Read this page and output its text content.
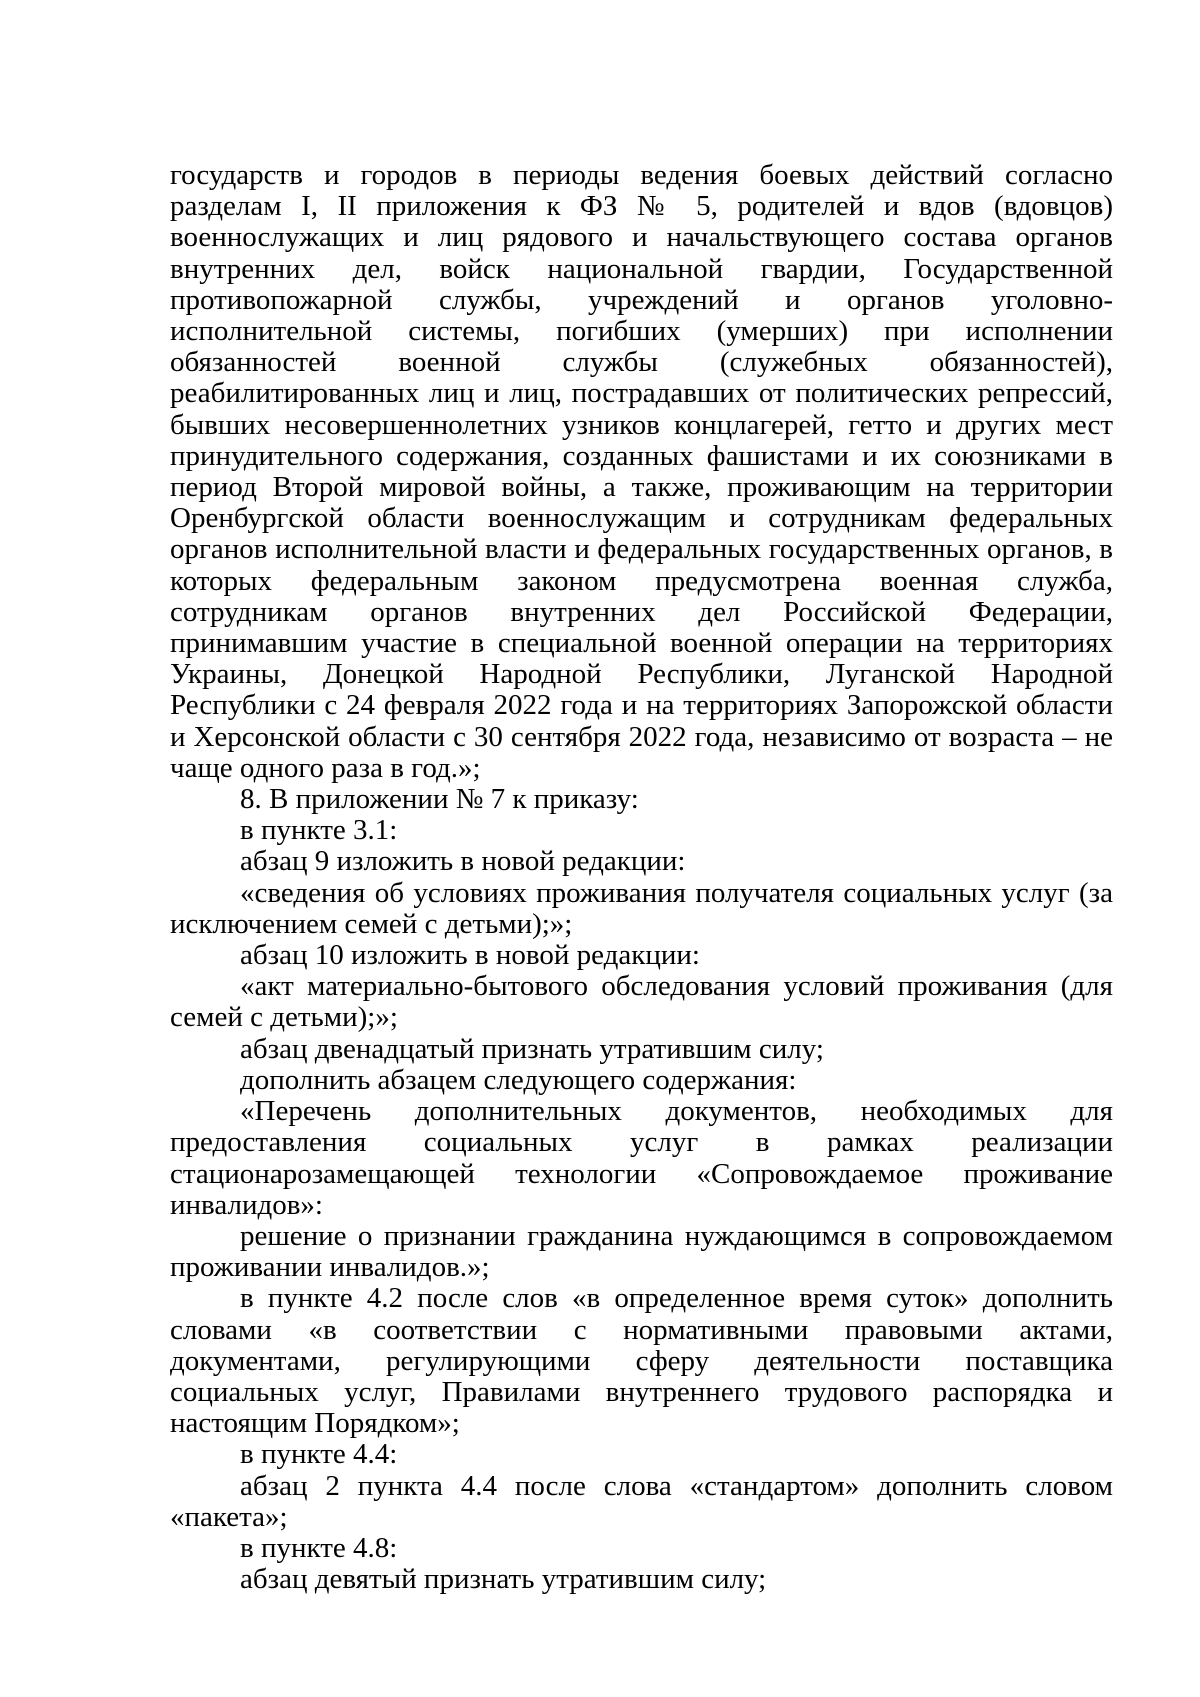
государств и городов в периоды ведения боевых действий согласно разделам I, II приложения к ФЗ № 5, родителей и вдов (вдовцов) военнослужащих и лиц рядового и начальствующего состава органов внутренних дел, войск национальной гвардии, Государственной противопожарной службы, учреждений и органов уголовно-исполнительной системы, погибших (умерших) при исполнении обязанностей военной службы (служебных обязанностей), реабилитированных лиц и лиц, пострадавших от политических репрессий, бывших несовершеннолетних узников концлагерей, гетто и других мест принудительного содержания, созданных фашистами и их союзниками в период Второй мировой войны, а также, проживающим на территории Оренбургской области военнослужащим и сотрудникам федеральных органов исполнительной власти и федеральных государственных органов, в которых федеральным законом предусмотрена военная служба, сотрудникам органов внутренних дел Российской Федерации, принимавшим участие в специальной военной операции на территориях Украины, Донецкой Народной Республики, Луганской Народной Республики с 24 февраля 2022 года и на территориях Запорожской области и Херсонской области с 30 сентября 2022 года, независимо от возраста – не чаще одного раза в год.»;

8. В приложении № 7 к приказу:

в пункте 3.1:

абзац 9 изложить в новой редакции:

«сведения об условиях проживания получателя социальных услуг (за исключением семей с детьми);»;

абзац 10 изложить в новой редакции:

«акт материально-бытового обследования условий проживания (для семей с детьми);»;

абзац двенадцатый признать утратившим силу;

дополнить абзацем следующего содержания:

«Перечень дополнительных документов, необходимых для предоставления социальных услуг в рамках реализации стационарозамещающей технологии «Сопровождаемое проживание инвалидов»:

решение о признании гражданина нуждающимся в сопровождаемом проживании инвалидов.»;

в пункте 4.2 после слов «в определенное время суток» дополнить словами «в соответствии с нормативными правовыми актами, документами, регулирующими сферу деятельности поставщика социальных услуг, Правилами внутреннего трудового распорядка и настоящим Порядком»;

в пункте 4.4:

абзац 2 пункта 4.4 после слова «стандартом» дополнить словом «пакета»;

в пункте 4.8:

абзац девятый признать утратившим силу;
